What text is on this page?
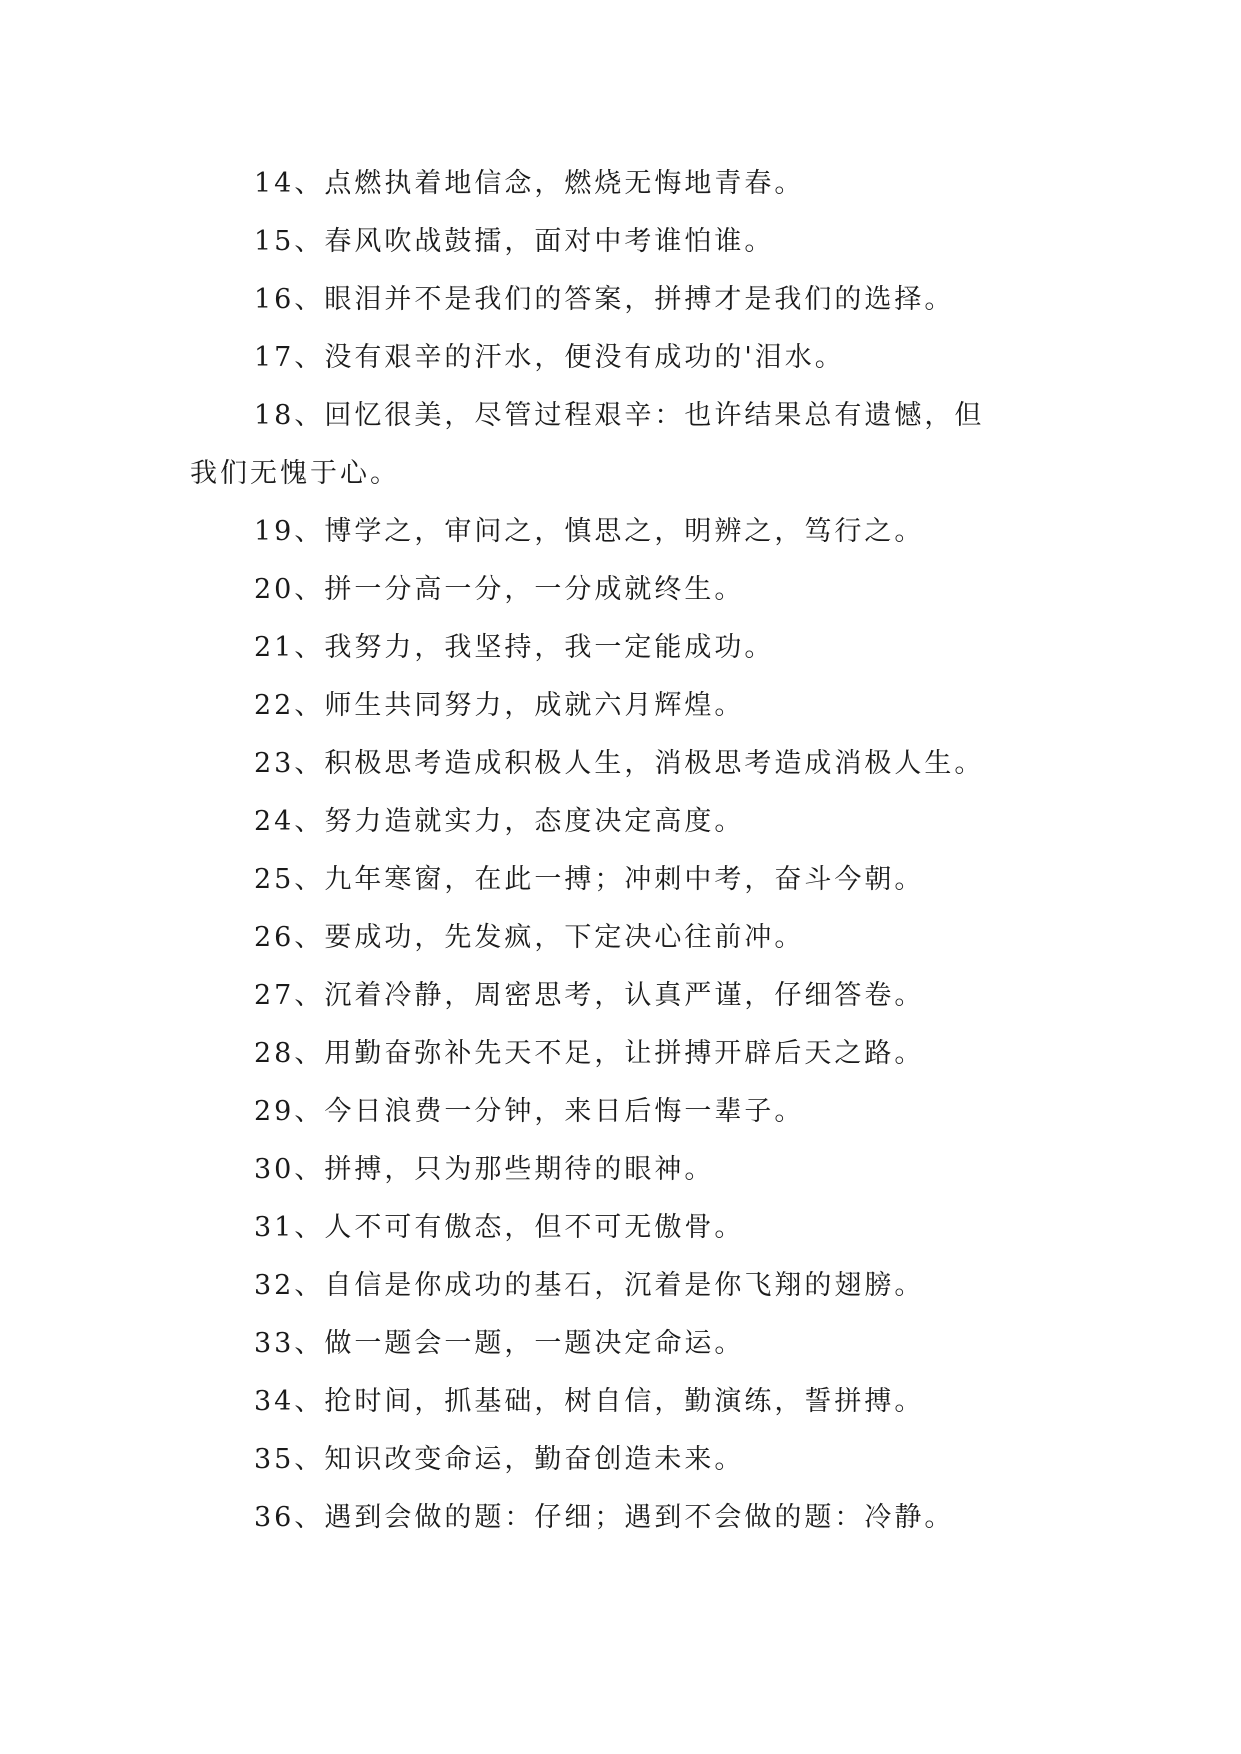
14、点燃执着地信念，燃烧无悔地青春。
15、春风吹战鼓擂，面对中考谁怕谁。
16、眼泪并不是我们的答案，拼搏才是我们的选择。
17、没有艰辛的汗水，便没有成功的'泪水。
18、回忆很美，尽管过程艰辛：也许结果总有遗憾，但
我们无愧于心。
19、博学之，审问之，慎思之，明辨之，笃行之。
20、拼一分高一分，一分成就终生。
21、我努力，我坚持，我一定能成功。
22、师生共同努力，成就六月辉煌。
23、积极思考造成积极人生，消极思考造成消极人生。
24、努力造就实力，态度决定高度。
25、九年寒窗，在此一搏；冲刺中考，奋斗今朝。
26、要成功，先发疯，下定决心往前冲。
27、沉着冷静，周密思考，认真严谨，仔细答卷。
28、用勤奋弥补先天不足，让拼搏开辟后天之路。
29、今日浪费一分钟，来日后悔一辈子。
30、拼搏，只为那些期待的眼神。
31、人不可有傲态，但不可无傲骨。
32、自信是你成功的基石，沉着是你飞翔的翅膀。
33、做一题会一题，一题决定命运。
34、抢时间，抓基础，树自信，勤演练，誓拼搏。
35、知识改变命运，勤奋创造未来。
36、遇到会做的题：仔细；遇到不会做的题：冷静。
